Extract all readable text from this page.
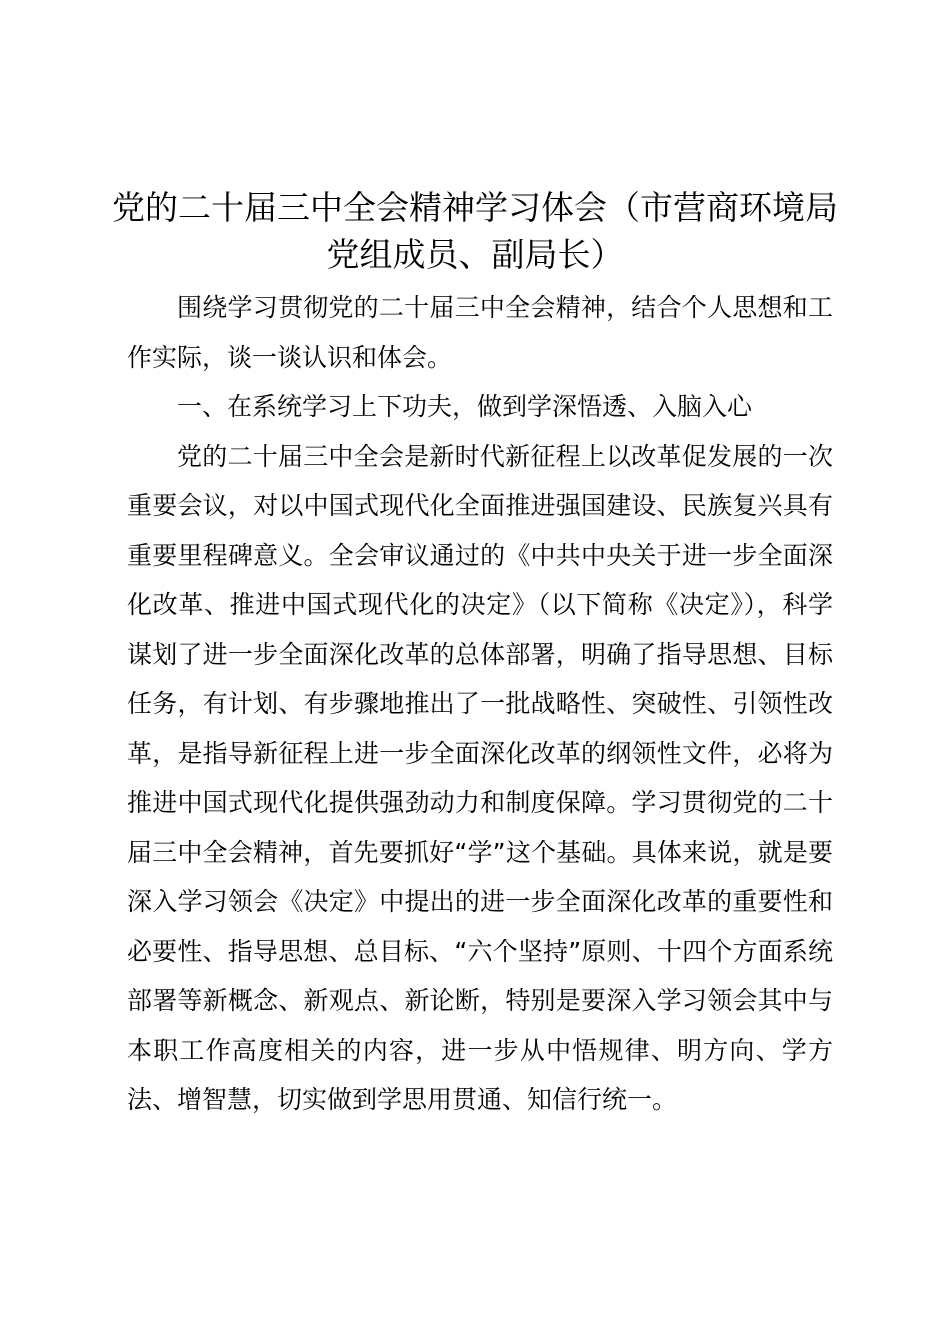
党的二十届三中全会精神学习体会（市营商环境局党组成员、副局长）

围绕学习贯彻党的二十届三中全会精神，结合个人思想和工作实际，谈一谈认识和体会。

一、在系统学习上下功夫，做到学深悟透、入脑入心

党的二十届三中全会是新时代新征程上以改革促发展的一次重要会议，对以中国式现代化全面推进强国建设、民族复兴具有重要里程碑意义。全会审议通过的《中共中央关于进一步全面深化改革、推进中国式现代化的决定》（以下简称《决定》），科学谋划了进一步全面深化改革的总体部署，明确了指导思想、目标任务，有计划、有步骤地推出了一批战略性、突破性、引领性改革，是指导新征程上进一步全面深化改革的纲领性文件，必将为推进中国式现代化提供强劲动力和制度保障。学习贯彻党的二十届三中全会精神，首先要抓好“学”这个基础。具体来说，就是要深入学习领会《决定》中提出的进一步全面深化改革的重要性和必要性、指导思想、总目标、“六个坚持”原则、十四个方面系统部署等新概念、新观点、新论断，特别是要深入学习领会其中与本职工作高度相关的内容，进一步从中悟规律、明方向、学方法、增智慧，切实做到学思用贯通、知信行统一。
